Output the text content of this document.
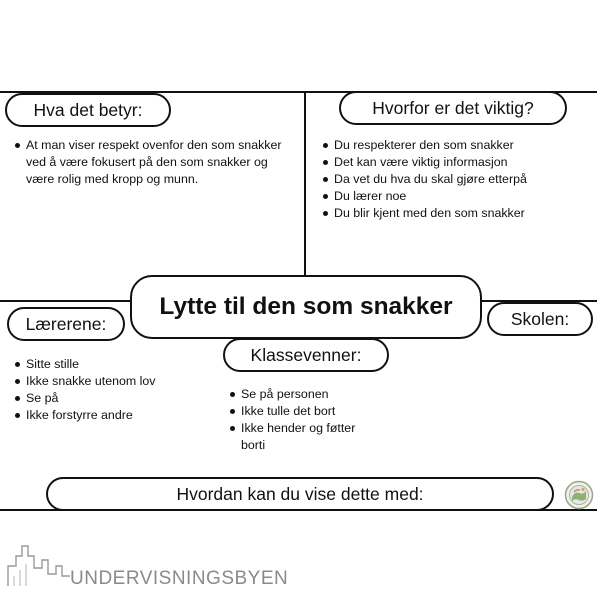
Hva det betyr:
At man viser respekt ovenfor den som snakker ved å være fokusert på den som snakker og være rolig med kropp og munn.
Hvorfor er det viktig?
Du respekterer den som snakker
Det kan være viktig informasjon
Da vet du hva du skal gjøre etterpå
Du lærer noe
Du blir kjent med den som snakker
Lytte til den som snakker
Lærerene:
Sitte stille
Ikke snakke utenom lov
Se på
Ikke forstyrre andre
Skolen:
Klassevenner:
Se på personen
Ikke tulle det bort
Ikke hender og føtter borti
Hvordan kan du vise dette med:
UNDERVISNINGSBYEN
